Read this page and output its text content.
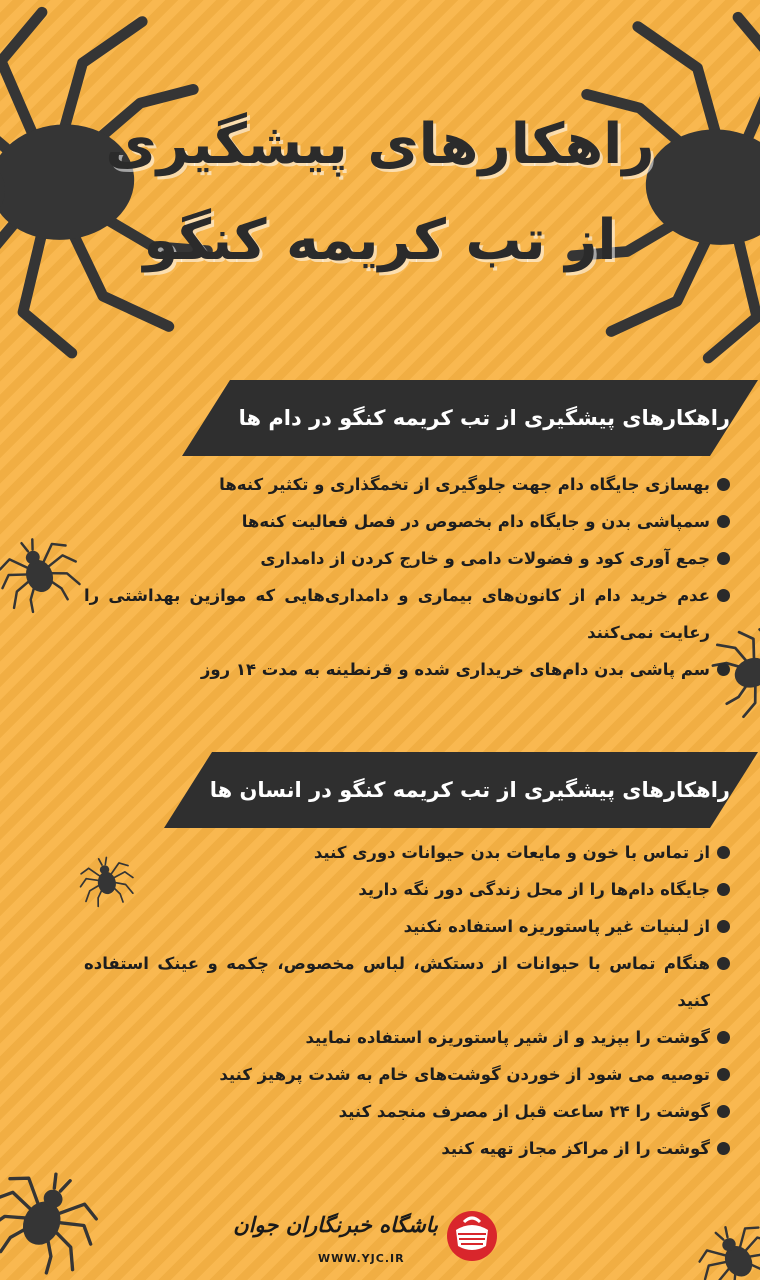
راهکارهای پیشگیری
از تب کریمه کنگو
راهکارهای پیشگیری از تب کریمه کنگو در دام ها
بهسازی جایگاه دام جهت جلوگیری از تخمگذاری و تکثیر کنه‌ها
سمپاشی بدن و جایگاه دام بخصوص در فصل فعالیت کنه‌ها
جمع آوری کود و فضولات دامی و خارج کردن از دامداری
عدم خرید دام از کانون‌های بیماری و دامداری‌هایی که موازین بهداشتی را رعایت نمی‌کنند
سم پاشی بدن دام‌های خریداری شده و قرنطینه به مدت ۱۴ روز
راهکارهای پیشگیری از تب کریمه کنگو در انسان ها
از تماس با خون و مایعات بدن حیوانات دوری کنید
جایگاه دام‌ها را از محل زندگی دور نگه دارید
از لبنیات غیر پاستوریزه استفاده نکنید
هنگام تماس با حیوانات از دستکش، لباس مخصوص، چکمه و عینک استفاده کنید
گوشت را بپزید و از شیر پاستوریزه استفاده نمایید
توصیه می شود از خوردن گوشت‌های خام به شدت پرهیز کنید
گوشت را ۲۴ ساعت قبل از مصرف منجمد کنید
گوشت را از مراکز مجاز تهیه کنید
باشگاه خبرنگاران جوان
WWW.YJC.IR
